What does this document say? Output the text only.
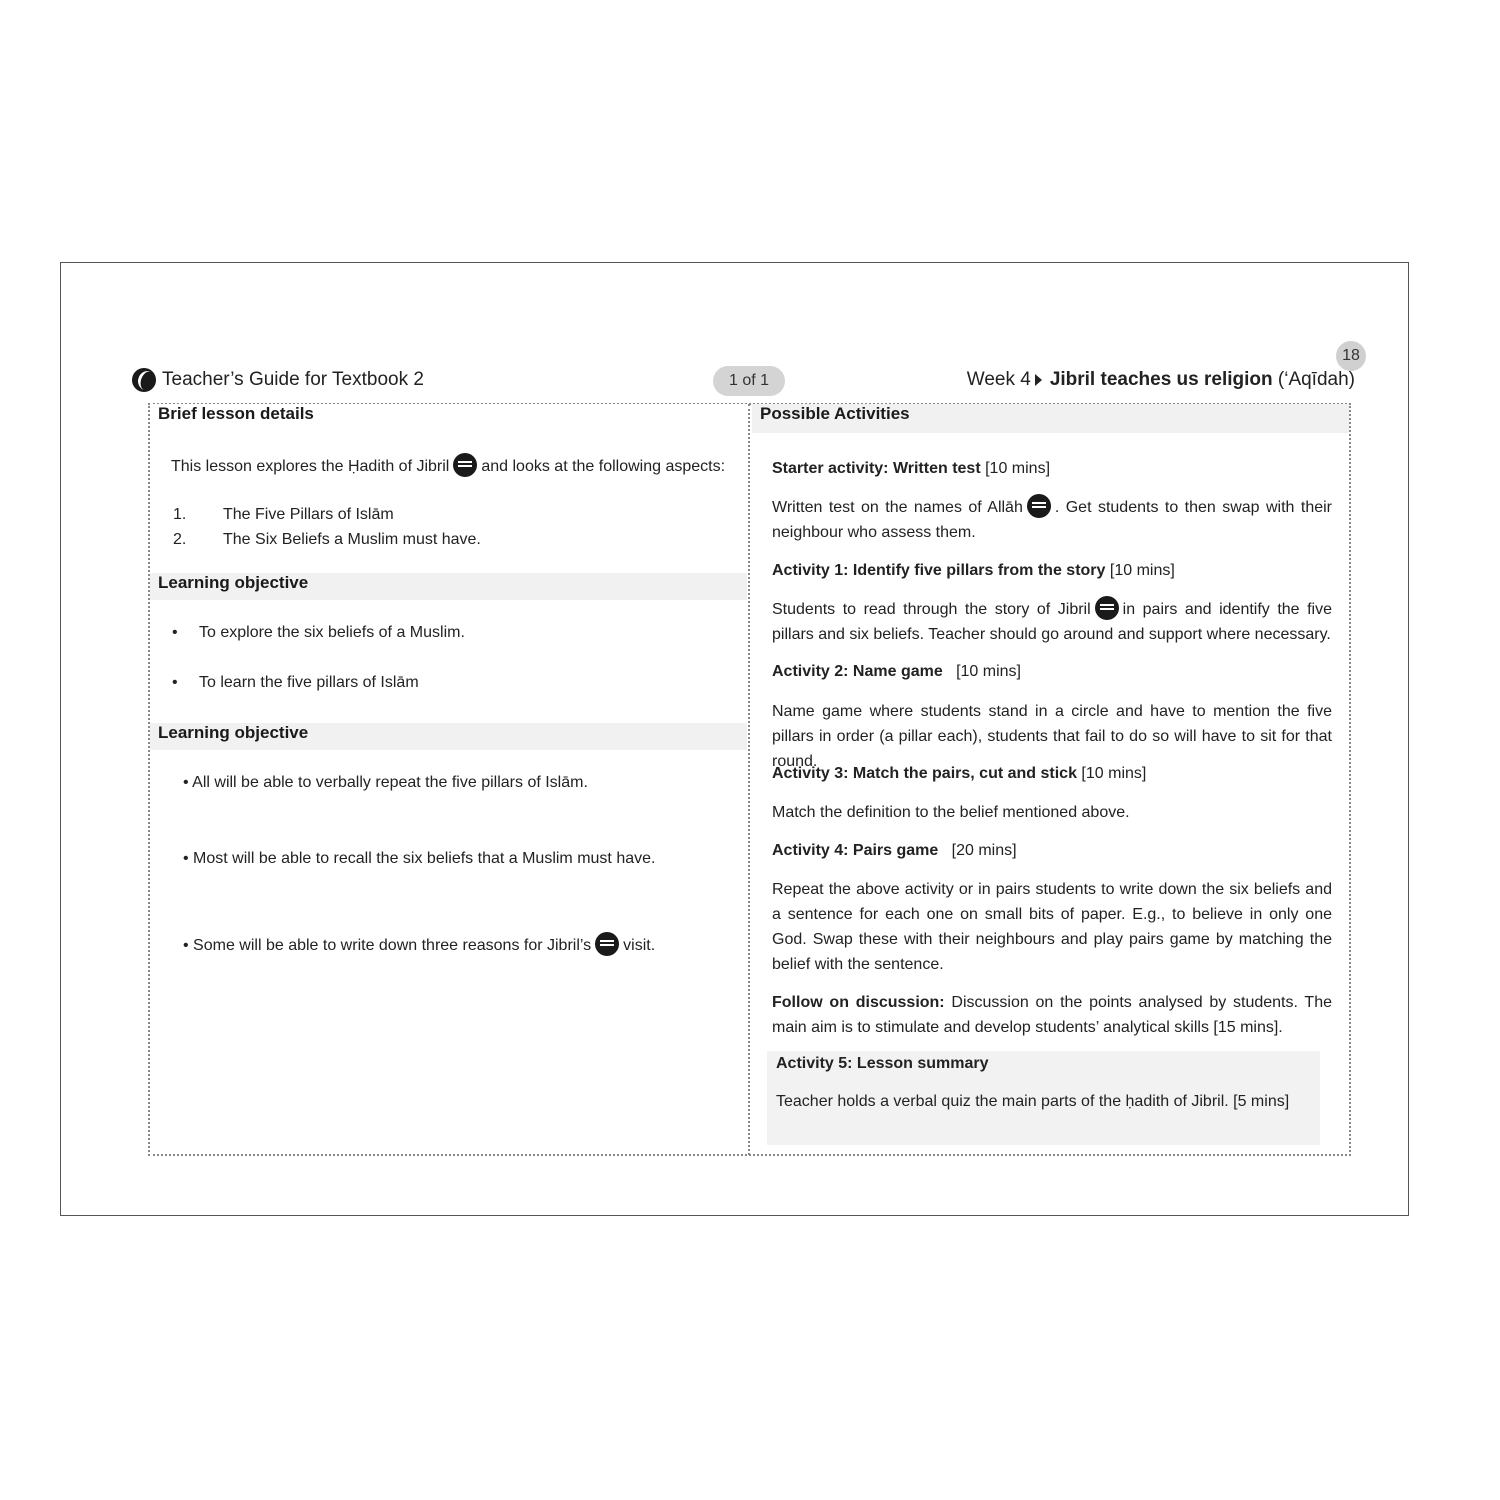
Teacher’s Guide for Textbook 2	1 of 1
18
Week 4 Jibril teaches us religion
(‘Aqīdah)
Brief lesson details
This lesson explores the Ḥadith of Jibril and looks at the following aspects:
1. The Five Pillars of Islām
2. The Six Beliefs a Muslim must have.
Learning objective
• To explore the six beliefs of a Muslim.
• To learn the five pillars of Islām
Learning objective
• All will be able to verbally repeat the five pillars of Islām.
• Most will be able to recall the six beliefs that a Muslim must have.
• Some will be able to write down three reasons for Jibril’s visit.
Possible Activities
Starter activity: Written test [10 mins]
Written test on the names of Allāh . Get students to then swap with their neighbour who assess them.
Activity 1: Identify five pillars from the story [10 mins]
Students to read through the story of Jibril in pairs and identify the five pillars and six beliefs. Teacher should go around and support where necessary.
Activity 2: Name game [10 mins]
Name game where students stand in a circle and have to mention the five pillars in order (a pillar each), students that fail to do so will have to sit for that round.
Activity 3: Match the pairs, cut and stick [10 mins]
Match the definition to the belief mentioned above.
Activity 4: Pairs game [20 mins]
Repeat the above activity or in pairs students to write down the six beliefs and a sentence for each one on small bits of paper. E.g., to believe in only one God. Swap these with their neighbours and play pairs game by matching the belief with the sentence.
Follow on discussion: Discussion on the points analysed by students. The main aim is to stimulate and develop students’ analytical skills [15 mins].
Activity 5: Lesson summary
Teacher holds a verbal quiz the main parts of the ḥadith of Jibril. [5 mins]
